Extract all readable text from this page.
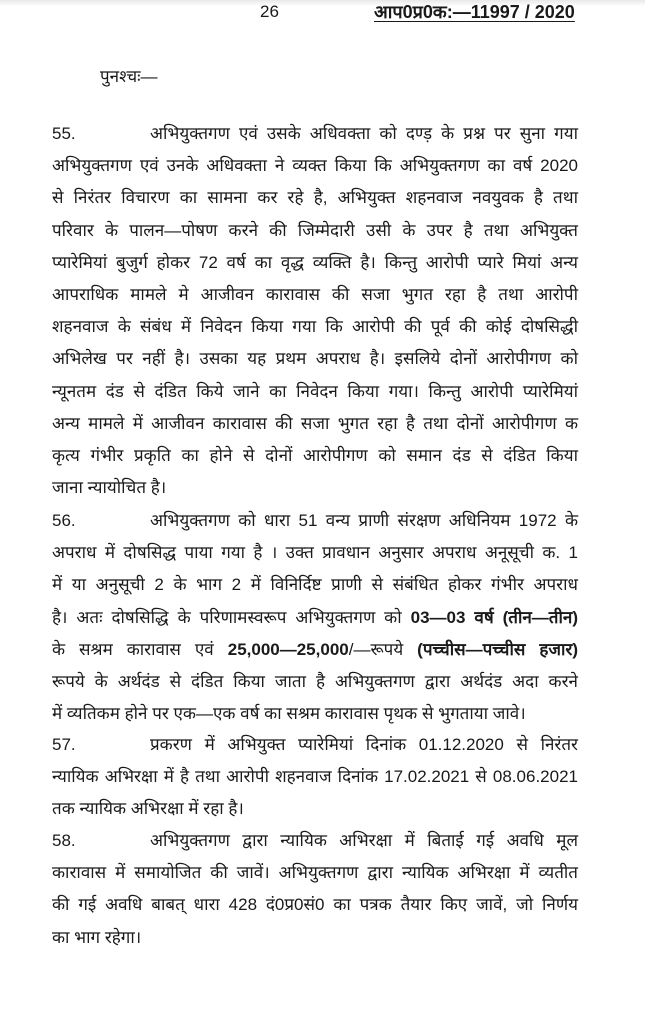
26	आप0प्र0क:—11997 / 2020
पुनश्चः—
55.	अभियुक्तगण एवं उसके अधिवक्ता को दण्ड़ के प्रश्न पर सुना गया
अभियुक्तगण एवं उनके अधिवक्ता ने व्यक्त किया कि अभियुक्तगण का वर्ष 2020
से निरंतर विचारण का सामना कर रहे है, अभियुक्त शहनवाज नवयुवक है तथा
परिवार के पालन—पोषण करने की जिम्मेदारी उसी के उपर है तथा अभियुक्त
प्यारेमियां बुजुर्ग होकर 72 वर्ष का वृद्ध व्यक्ति है। किन्तु आरोपी प्यारे मियां अन्य
आपराधिक मामले मे आजीवन कारावास की सजा भुगत रहा है तथा आरोपी
शहनवाज के संबंध में निवेदन किया गया कि आरोपी की पूर्व की कोई दोषसिद्धी
अभिलेख पर नहीं है। उसका यह प्रथम अपराध है। इसलिये दोनों आरोपीगण को
न्यूनतम दंड से दंडित किये जाने का निवेदन किया गया। किन्तु आरोपी प्यारेमियां
अन्य मामले में आजीवन कारावास की सजा भुगत रहा है तथा दोनों आरोपीगण क
कृत्य गंभीर प्रकृति का होने से दोनों आरोपीगण को समान दंड से दंडित किया
जाना न्यायोचित है।
56.	अभियुक्तगण को धारा 51 वन्य प्राणी संरक्षण अधिनियम 1972 के
अपराध में दोषसिद्ध पाया गया है । उक्त प्रावधान अनुसार अपराध अनूसूची क. 1
में या अनुसूची 2 के भाग 2 में विनिर्दिष्ट प्राणी से संबंधित होकर गंभीर अपराध
है। अतः दोषसिद्धि के परिणामस्वरूप अभियुक्तगण को 03—03 वर्ष (तीन—तीन)
के सश्रम कारावास एवं 25,000—25,000/—रूपये (पच्चीस—पच्चीस हजार)
रूपये के अर्थदंड से दंडित किया जाता है अभियुक्तगण द्वारा अर्थदंड अदा करने
में व्यतिकम होने पर एक—एक वर्ष का सश्रम कारावास पृथक से भुगताया जावे।
57.	प्रकरण में अभियुक्त प्यारेमियां दिनांक 01.12.2020 से निरंतर
न्यायिक अभिरक्षा में है तथा आरोपी शहनवाज दिनांक 17.02.2021 से 08.06.2021
तक न्यायिक अभिरक्षा में रहा है।
58.	अभियुक्तगण द्वारा न्यायिक अभिरक्षा में बिताई गई अवधि मूल
कारावास में समायोजित की जावें। अभियुक्तगण द्वारा न्यायिक अभिरक्षा में व्यतीत
की गई अवधि बाबत् धारा 428 दं0प्र0सं0 का पत्रक तैयार किए जावें, जो निर्णय
का भाग रहेगा।
